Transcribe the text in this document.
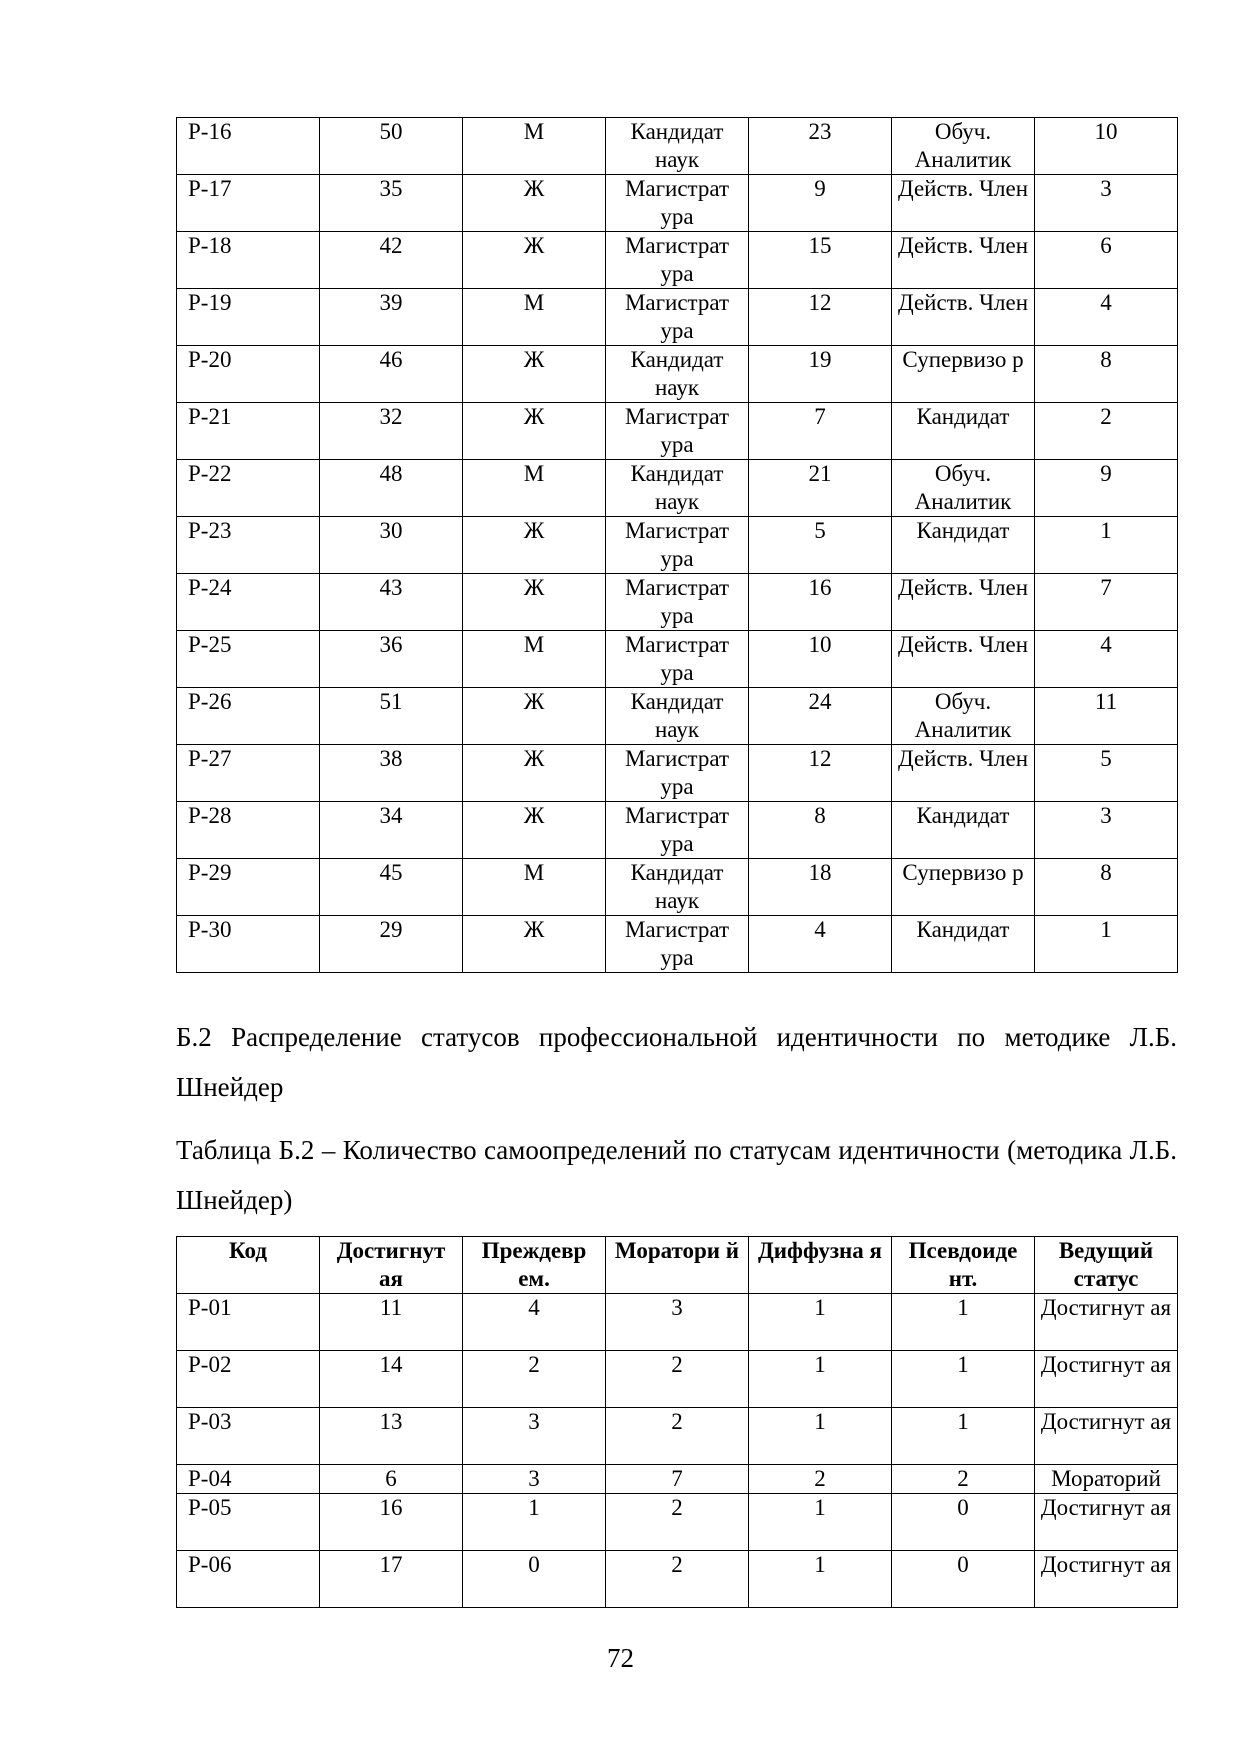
Р-16	50	М	Кандидат наук	23	Обуч. Аналитик	10
Р-17	35	Ж	Магистрат ура	9	Действ. Член	3
Р-18	42	Ж	Магистрат ура	15	Действ. Член	6
Р-19	39	М	Магистрат ура	12	Действ. Член	4
Р-20	46	Ж	Кандидат наук	19	Супервизо р	8
Р-21	32	Ж	Магистрат ура	7	Кандидат	2
Р-22	48	М	Кандидат наук	21	Обуч. Аналитик	9
Р-23	30	Ж	Магистрат ура	5	Кандидат	1
Р-24	43	Ж	Магистрат ура	16	Действ. Член	7
Р-25	36	М	Магистрат ура	10	Действ. Член	4
Р-26	51	Ж	Кандидат наук	24	Обуч. Аналитик	11
Р-27	38	Ж	Магистрат ура	12	Действ. Член	5
Р-28	34	Ж	Магистрат ура	8	Кандидат	3
Р-29	45	М	Кандидат наук	18	Супервизо р	8
Р-30	29	Ж	Магистрат ура	4	Кандидат	1

Б.2 Распределение статусов профессиональной идентичности по методике Л.Б. Шнейдер

Таблица Б.2 – Количество самоопределений по статусам идентичности (методика Л.Б. Шнейдер)

Код	Достигнут ая	Преждевр ем.	Моратори й	Диффузна я	Псевдоиде нт.	Ведущий статус
Р-01	11	4	3	1	1	Достигнут ая
Р-02	14	2	2	1	1	Достигнут ая
Р-03	13	3	2	1	1	Достигнут ая
Р-04	6	3	7	2	2	Мораторий
Р-05	16	1	2	1	0	Достигнут ая
Р-06	17	0	2	1	0	Достигнут ая
72
